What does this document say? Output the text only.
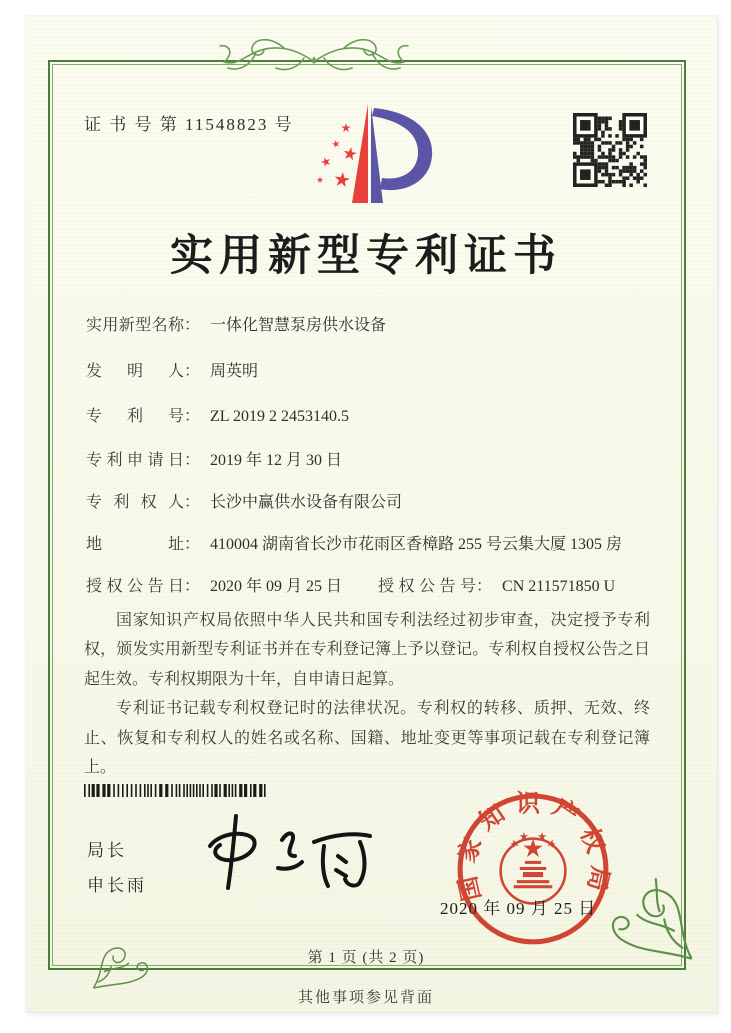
证 书 号 第 11548823 号
实用新型专利证书
实用新型名称： 一体化智慧泵房供水设备
发明人： 周英明
专利号： ZL 2019 2 2453140.5
专利申请日： 2019 年 12 月 30 日
专利权人： 长沙中赢供水设备有限公司
地址： 410004 湖南省长沙市花雨区香樟路 255 号云集大厦 1305 房
授权公告日： 2020 年 09 月 25 日 授权公告号： CN 211571850 U

国家知识产权局依照中华人民共和国专利法经过初步审查，决定授予专利权，颁发实用新型专利证书并在专利登记簿上予以登记。专利权自授权公告之日起生效。专利权期限为十年，自申请日起算。

专利证书记载专利权登记时的法律状况。专利权的转移、质押、无效、终止、恢复和专利权人的姓名或名称、国籍、地址变更等事项记载在专利登记簿上。

局长
申长雨	国家知识产权局
2020 年 09 月 25 日
第 1 页 (共 2 页)
其他事项参见背面
